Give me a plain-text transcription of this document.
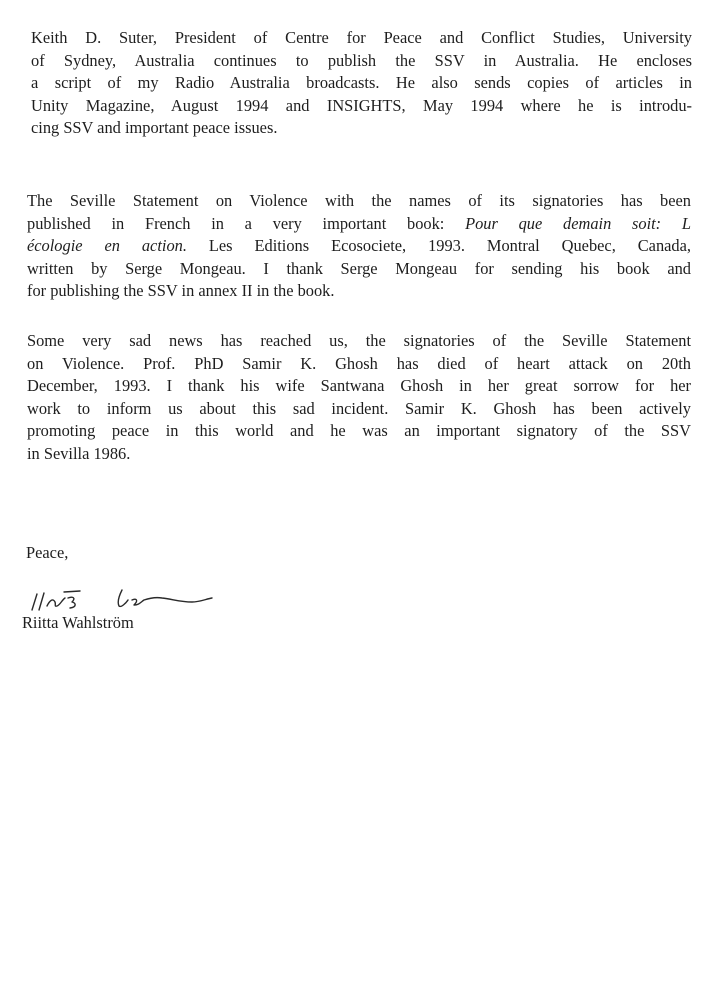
Keith D. Suter, President of Centre for Peace and Conflict Studies, University
of Sydney, Australia continues to publish the SSV in Australia. He encloses
a script of my Radio Australia broadcasts. He also sends copies of articles in
Unity Magazine, August 1994 and INSIGHTS, May 1994 where he is introdu-
cing SSV and important peace issues.
The Seville Statement on Violence with the names of its signatories has been
published in French in a very important book: Pour que demain soit: L
écologie en action. Les Editions Ecosociete, 1993. Montral Quebec, Canada,
written by Serge Mongeau. I thank Serge Mongeau for sending his book and
for publishing the SSV in annex II in the book.
Some very sad news has reached us, the signatories of the Seville Statement
on Violence. Prof. PhD Samir K. Ghosh has died of heart attack on 20th
December, 1993. I thank his wife Santwana Ghosh in her great sorrow for her
work to inform us about this sad incident. Samir K. Ghosh has been actively
promoting peace in this world and he was an important signatory of the SSV
in Sevilla 1986.

Peace,

Riitta Wahlström
